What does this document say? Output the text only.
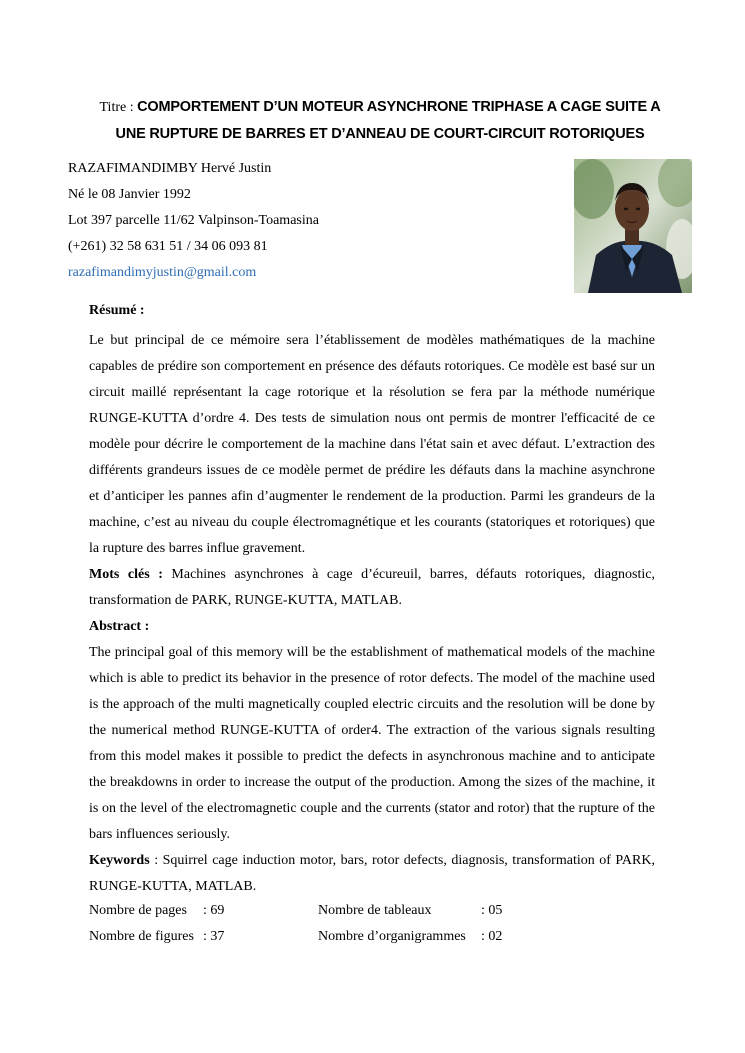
Titre : COMPORTEMENT D’UN MOTEUR ASYNCHRONE TRIPHASE A CAGE SUITE A
UNE RUPTURE DE BARRES ET D’ANNEAU DE COURT-CIRCUIT ROTORIQUES
RAZAFIMANDIMBY Hervé Justin
Né le 08 Janvier 1992
Lot 397 parcelle 11/62 Valpinson-Toamasina
(+261) 32 58 631 51 / 34 06 093 81
razafimandimyjustin@gmail.com

Résumé :

Le but principal de ce mémoire sera l’établissement de modèles mathématiques de la machine capables de prédire son comportement en présence des défauts rotoriques. Ce modèle est basé sur un circuit maillé représentant la cage rotorique et la résolution se fera par la méthode numérique RUNGE-KUTTA d’ordre 4. Des tests de simulation nous ont permis de montrer l'efficacité de ce modèle pour décrire le comportement de la machine dans l'état sain et avec défaut. L’extraction des différents grandeurs issues de ce modèle permet de prédire les défauts dans la machine asynchrone et d’anticiper les pannes afin d’augmenter le rendement de la production. Parmi les grandeurs de la machine, c’est au niveau du couple électromagnétique et les courants (statoriques et rotoriques) que la rupture des barres influe gravement.

Mots clés : Machines asynchrones à cage d’écureuil, barres, défauts rotoriques, diagnostic, transformation de PARK, RUNGE-KUTTA, MATLAB.

Abstract :

The principal goal of this memory will be the establishment of mathematical models of the machine which is able to predict its behavior in the presence of rotor defects. The model of the machine used is the approach of the multi magnetically coupled electric circuits and the resolution will be done by the numerical method RUNGE-KUTTA of order4. The extraction of the various signals resulting from this model makes it possible to predict the defects in asynchronous machine and to anticipate the breakdowns in order to increase the output of the production. Among the sizes of the machine, it is on the level of the electromagnetic couple and the currents (stator and rotor) that the rupture of the bars influences seriously.

Keywords : Squirrel cage induction motor, bars, rotor defects, diagnosis, transformation of PARK, RUNGE-KUTTA, MATLAB.

Nombre de pages : 69	Nombre de tableaux	: 05
Nombre de figures : 37	Nombre d’organigrammes : 02
